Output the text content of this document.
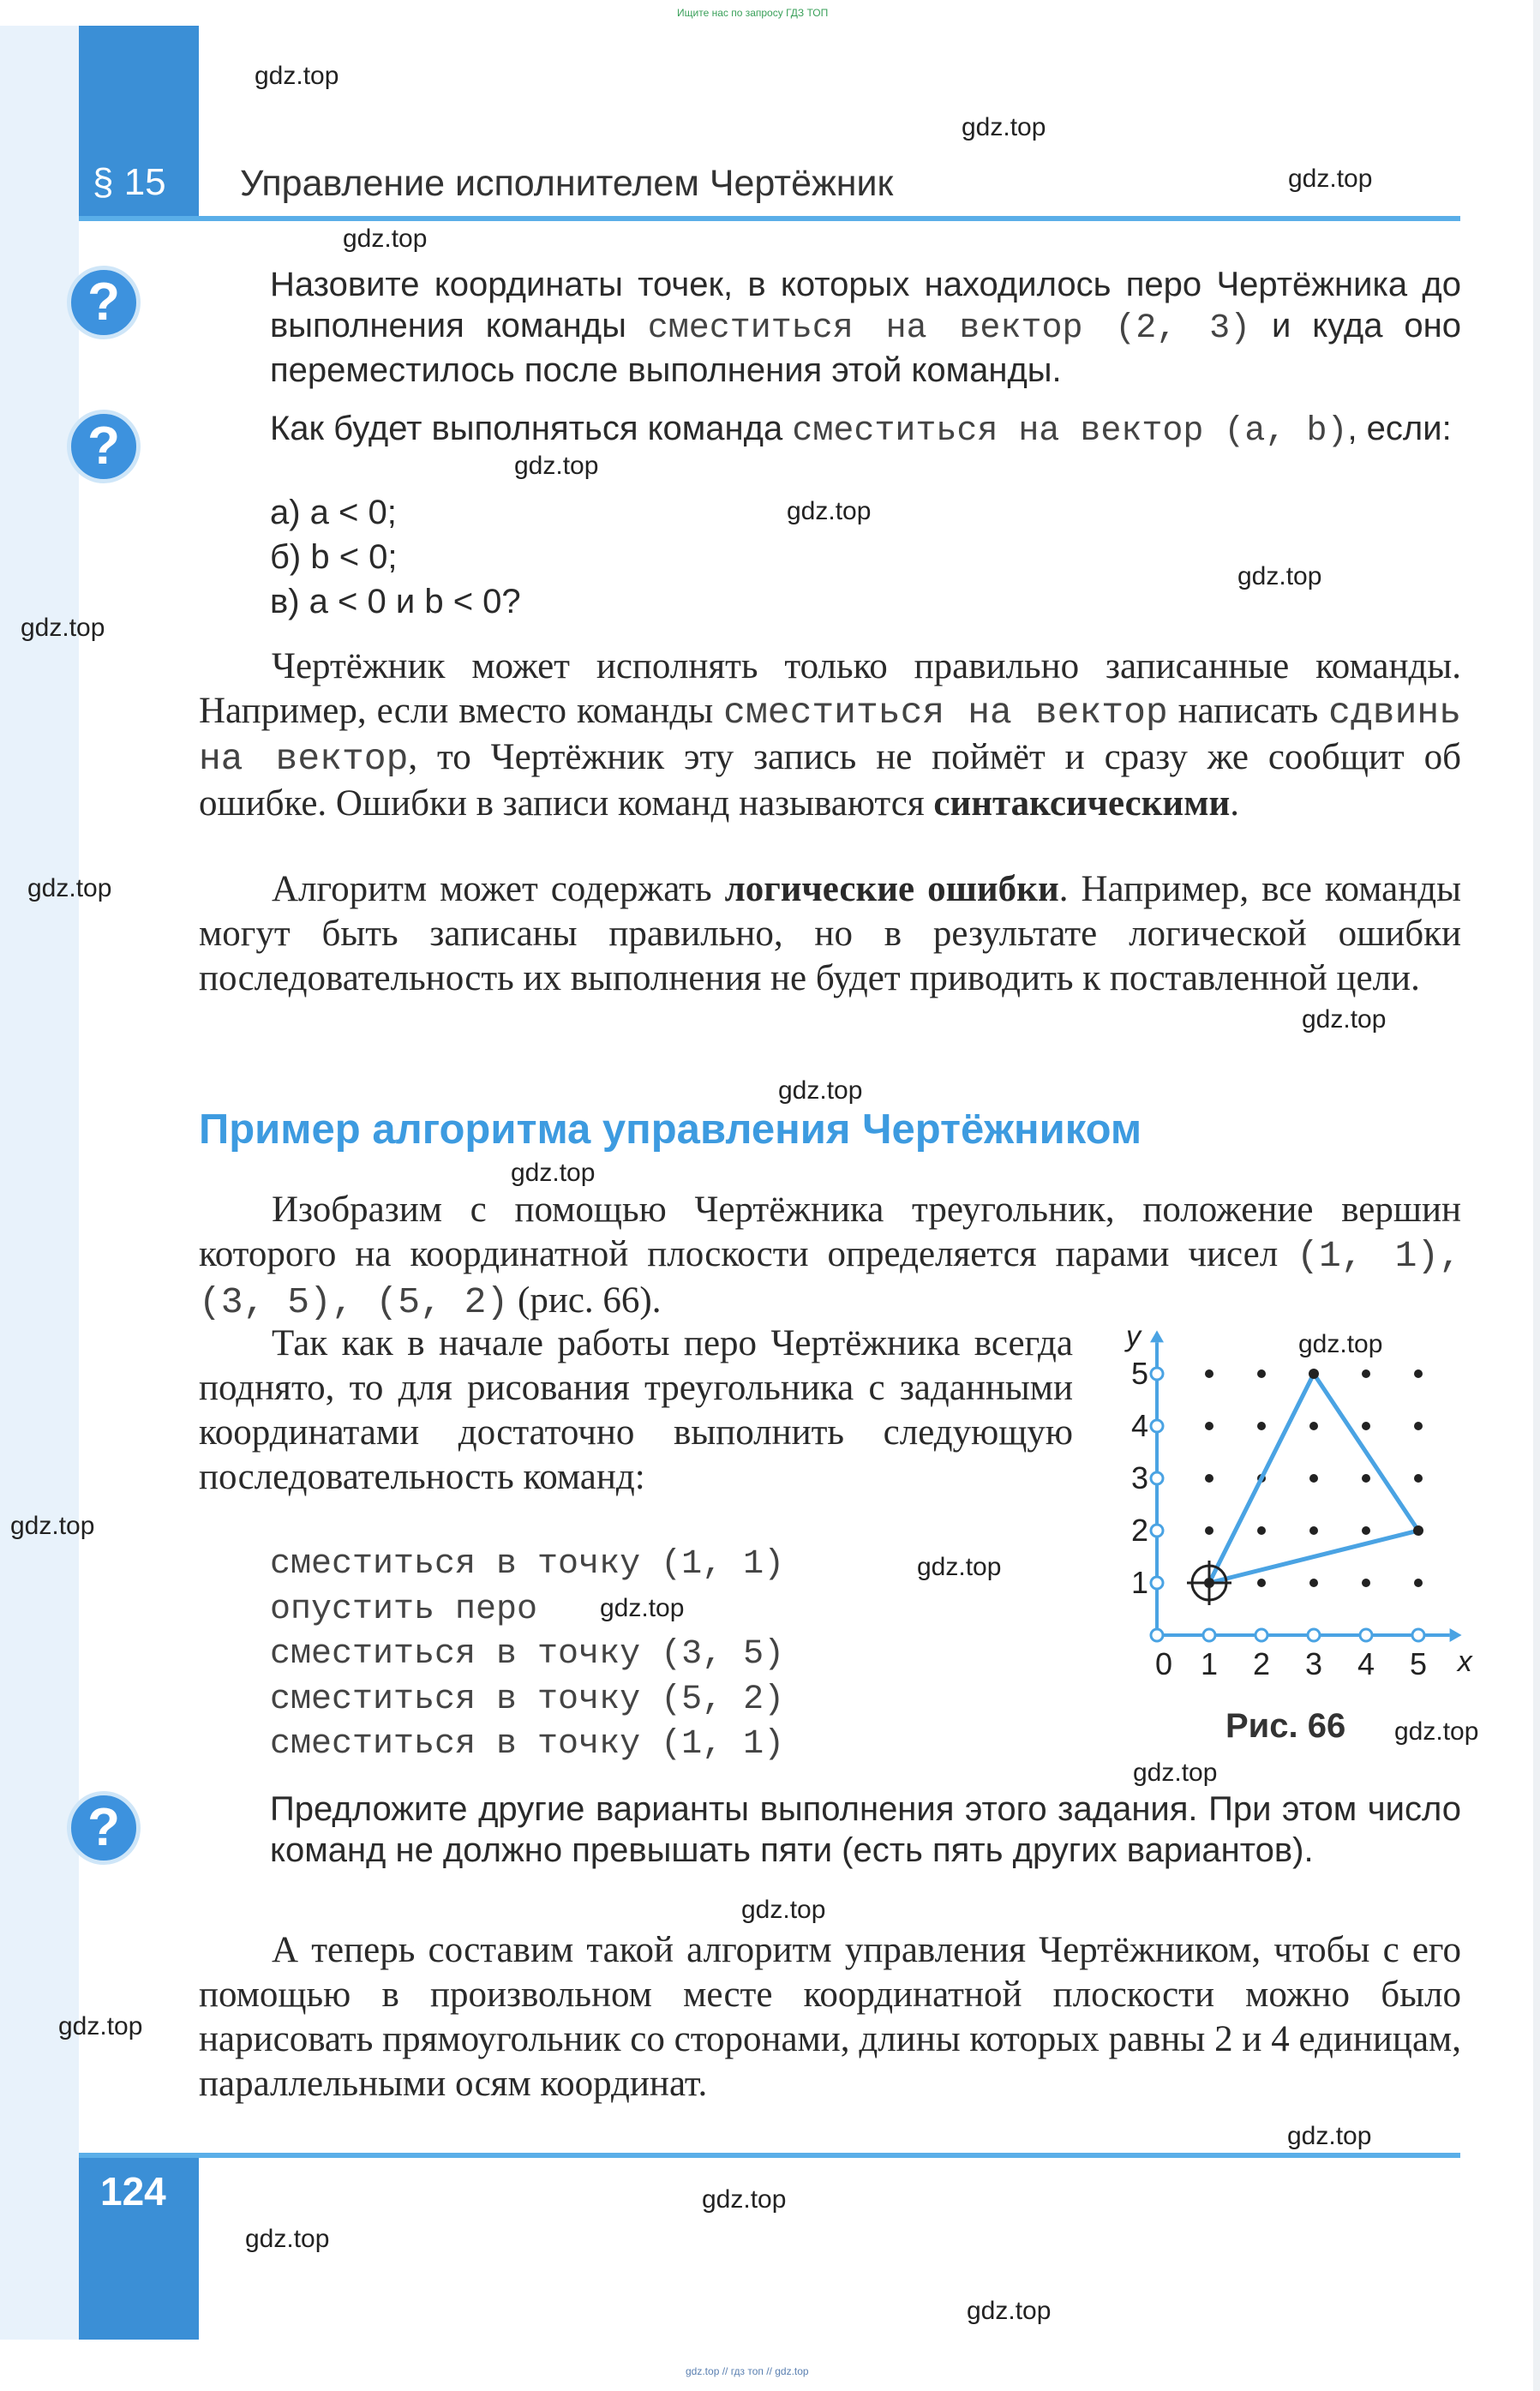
Ищите нас по запросу ГДЗ ТОП
§ 15 Управление исполнителем Чертёжник
?	Назовите координаты точек, в которых находилось перо Чертёжника до выполнения команды сместиться на вектор (2, 3) и куда оно переместилось после выполнения этой команды.
?	Как будет выполняться команда сместиться на вектор (a, b), если:
а) a < 0;
б) b < 0;
в) a < 0 и b < 0?
Чертёжник может исполнять только правильно записанные команды. Например, если вместо команды сместиться на вектор написать сдвинь на вектор, то Чертёжник эту запись не поймёт и сразу же сообщит об ошибке. Ошибки в записи команд называются синтаксическими.
Алгоритм может содержать логические ошибки. Например, все команды могут быть записаны правильно, но в результате логической ошибки последовательность их выполнения не будет приводить к поставленной цели.
Пример алгоритма управления Чертёжником
Изобразим с помощью Чертёжника треугольник, положение вершин которого на координатной плоскости определяется парами чисел (1, 1), (3, 5), (5, 2) (рис. 66).
Так как в начале работы перо Чертёжника всегда поднято, то для рисования треугольника с заданными координатами достаточно выполнить следующую последовательность команд:
сместиться в точку (1, 1)
опустить перо
сместиться в точку (3, 5)
сместиться в точку (5, 2)
сместиться в точку (1, 1)
0 1 2 3 4 5
1
2
3
4
5
x
y
Рис. 66
?	Предложите другие варианты выполнения этого задания. При этом число команд не должно превышать пяти (есть пять других вариантов).
А теперь составим такой алгоритм управления Чертёжником, чтобы с его помощью в произвольном месте координатной плоскости можно было нарисовать прямоугольник со сторонами, длины которых равны 2 и 4 единицам, параллельными осям координат.
124
gdz.top // гдз топ // gdz.top
gdz.top
gdz.top
gdz.top
gdz.top
gdz.top
gdz.top
gdz.top
gdz.top
gdz.top
gdz.top
gdz.top
gdz.top
gdz.top
gdz.top
gdz.top
gdz.top
gdz.top
gdz.top
gdz.top
gdz.top
gdz.top
gdz.top
gdz.top
gdz.top
